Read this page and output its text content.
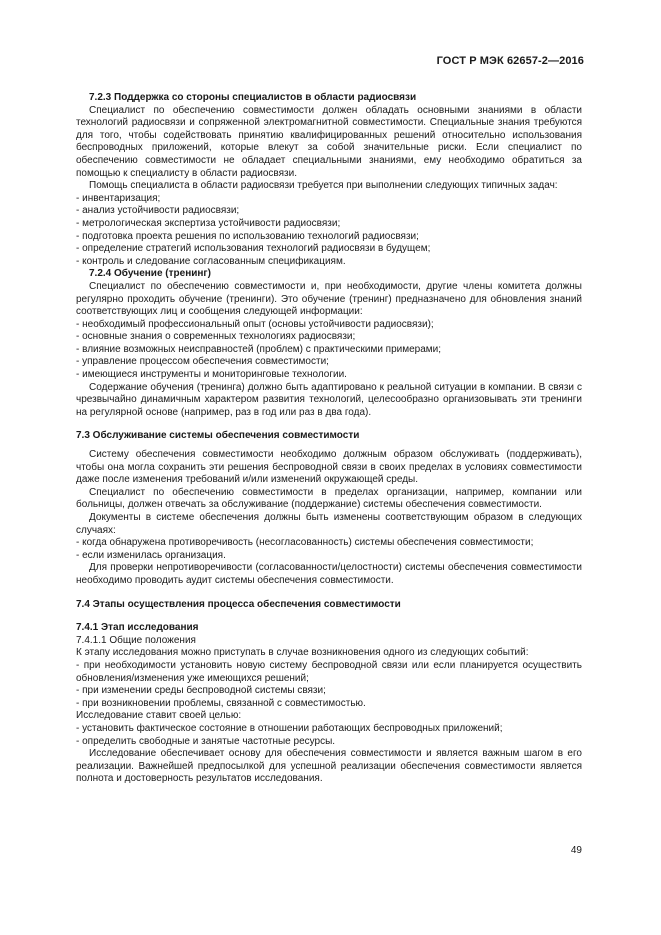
ГОСТ Р МЭК 62657-2—2016

7.2.3 Поддержка со стороны специалистов в области радиосвязи

Специалист по обеспечению совместимости должен обладать основными знаниями в области технологий радиосвязи и сопряженной электромагнитной совместимости. Специальные знания требуются для того, чтобы содействовать принятию квалифицированных решений относительно использования беспроводных приложений, которые влекут за собой значительные риски. Если специалист по обеспечению совместимости не обладает специальными знаниями, ему необходимо обратиться за помощью к специалисту в области радиосвязи.

Помощь специалиста в области радиосвязи требуется при выполнении следующих типичных задач:

- инвентаризация;

- анализ устойчивости радиосвязи;

- метрологическая экспертиза устойчивости радиосвязи;

- подготовка проекта решения по использованию технологий радиосвязи;

- определение стратегий использования технологий радиосвязи в будущем;

- контроль и следование согласованным спецификациям.

7.2.4 Обучение (тренинг)

Специалист по обеспечению совместимости и, при необходимости, другие члены комитета должны регулярно проходить обучение (тренинги). Это обучение (тренинг) предназначено для обновления знаний соответствующих лиц и сообщения следующей информации:

- необходимый профессиональный опыт (основы устойчивости радиосвязи);

- основные знания о современных технологиях радиосвязи;

- влияние возможных неисправностей (проблем) с практическими примерами;

- управление процессом обеспечения совместимости;

- имеющиеся инструменты и мониторинговые технологии.

Содержание обучения (тренинга) должно быть адаптировано к реальной ситуации в компании. В связи с чрезвычайно динамичным характером развития технологий, целесообразно организовывать эти тренинги на регулярной основе (например, раз в год или раз в два года).

7.3 Обслуживание системы обеспечения совместимости

Систему обеспечения совместимости необходимо должным образом обслуживать (поддерживать), чтобы она могла сохранить эти решения беспроводной связи в своих пределах в условиях совместимости даже после изменения требований и/или изменений окружающей среды.

Специалист по обеспечению совместимости в пределах организации, например, компании или больницы, должен отвечать за обслуживание (поддержание) системы обеспечения совместимости.

Документы в системе обеспечения должны быть изменены соответствующим образом в следующих случаях:

- когда обнаружена противоречивость (несогласованность) системы обеспечения совместимости;

- если изменилась организация.

Для проверки непротиворечивости (согласованности/целостности) системы обеспечения совместимости необходимо проводить аудит системы обеспечения совместимости.

7.4 Этапы осуществления процесса обеспечения совместимости

7.4.1 Этап исследования

7.4.1.1 Общие положения

К этапу исследования можно приступать в случае возникновения одного из следующих событий:

- при необходимости установить новую систему беспроводной связи или если планируется осуществить обновления/изменения уже имеющихся решений;

- при изменении среды беспроводной системы связи;

- при возникновении проблемы, связанной с совместимостью.

Исследование ставит своей целью:

- установить фактическое состояние в отношении работающих беспроводных приложений;

- определить свободные и занятые частотные ресурсы.

Исследование обеспечивает основу для обеспечения совместимости и является важным шагом в его реализации. Важнейшей предпосылкой для успешной реализации обеспечения совместимости является полнота и достоверность результатов исследования.

49
